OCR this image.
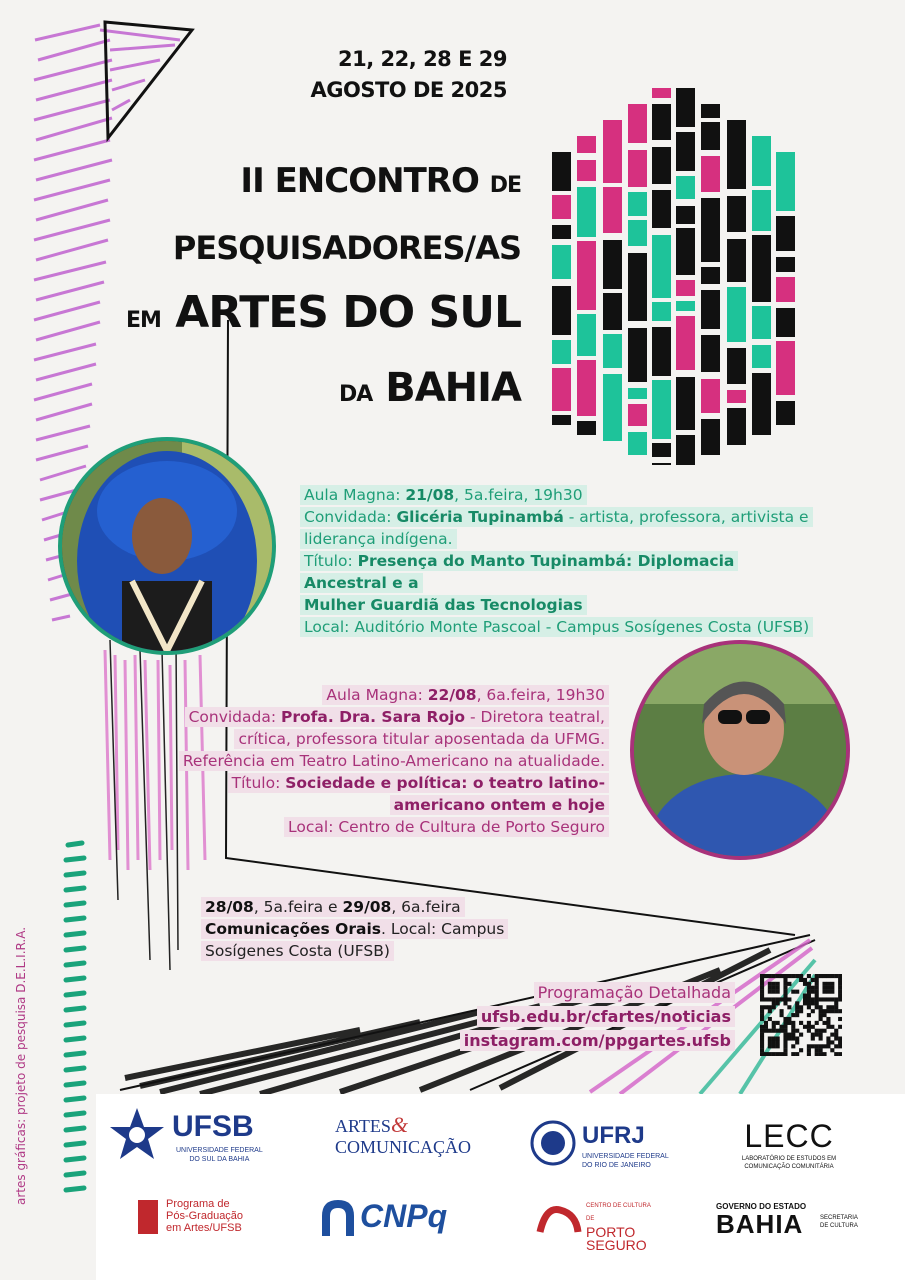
21, 22, 28 E 29
AGOSTO DE 2025
II ENCONTRO DE
PESQUISADORES/AS
EM ARTES DO SUL
DA BAHIA
Aula Magna: 21/08, 5a.feira, 19h30
Convidada: Glicéria Tupinambá - artista, professora, artivista e
liderança indígena.
Título: Presença do Manto Tupinambá: Diplomacia Ancestral e a
Mulher Guardiã das Tecnologias
Local: Auditório Monte Pascoal - Campus Sosígenes Costa (UFSB)
Aula Magna: 22/08, 6a.feira, 19h30
Convidada: Profa. Dra. Sara Rojo - Diretora teatral,
crítica, professora titular aposentada da UFMG.
Referência em Teatro Latino-Americano na atualidade.
Título: Sociedade e política: o teatro latino-
americano ontem e hoje
Local: Centro de Cultura de Porto Seguro
28/08, 5a.feira e 29/08, 6a.feira
Comunicações Orais. Local: Campus
Sosígenes Costa (UFSB)
Programação Detalhada
ufsb.edu.br/cfartes/noticias
instagram.com/ppgartes.ufsb
artes gráficas: projeto de pesquisa D.E.L.I.R.A.	UFSB
UNIVERSIDADE FEDERAL
DO SUL DA BAHIA
ARTES&
COMUNICAÇÃO	UFRJ
UNIVERSIDADE FEDERAL
DO RIO DE JANEIRO
LECC
LABORATÓRIO DE ESTUDOS EM
COMUNICAÇÃO COMUNITÁRIA
Programa de
Pós-Graduação
em Artes/UFSB	CNPq	CENTRO DE CULTURA DE
PORTO
SEGURO
GOVERNO DO ESTADO
BAHIA	SECRETARIA
DE CULTURA
